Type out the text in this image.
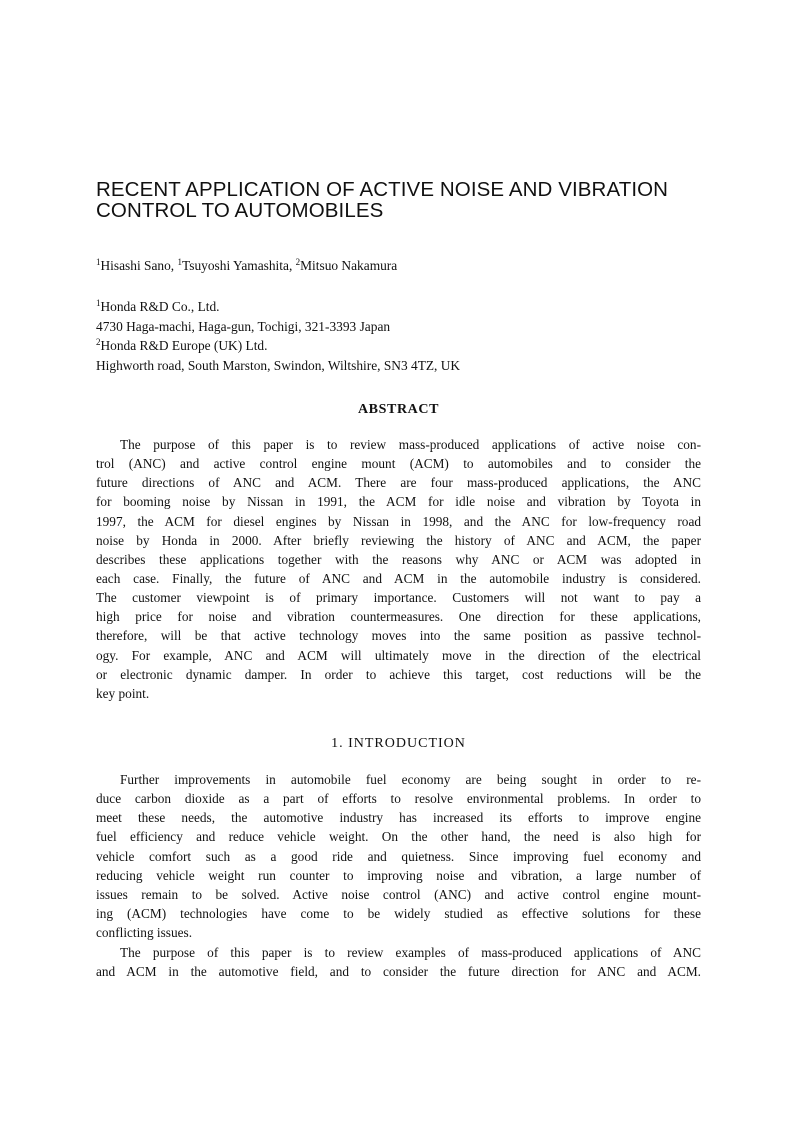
RECENT APPLICATION OF ACTIVE NOISE AND VIBRATION
CONTROL TO AUTOMOBILES
$^1$Hisashi Sano, $^1$Tsuyoshi Yamashita, $^2$Mitsuo Nakamura
$^1$Honda R&D Co., Ltd.
4730 Haga-machi, Haga-gun, Tochigi, 321-3393 Japan
$^2$Honda R&D Europe (UK) Ltd.
Highworth road, South Marston, Swindon, Wiltshire, SN3 4TZ, UK
ABSTRACT
The purpose of this paper is to review mass-produced applications of active noise con-
trol (ANC) and active control engine mount (ACM) to automobiles and to consider the
future directions of ANC and ACM. There are four mass-produced applications, the ANC
for booming noise by Nissan in 1991, the ACM for idle noise and vibration by Toyota in
1997, the ACM for diesel engines by Nissan in 1998, and the ANC for low-frequency road
noise by Honda in 2000. After briefly reviewing the history of ANC and ACM, the paper
describes these applications together with the reasons why ANC or ACM was adopted in
each case. Finally, the future of ANC and ACM in the automobile industry is considered.
The customer viewpoint is of primary importance. Customers will not want to pay a
high price for noise and vibration countermeasures. One direction for these applications,
therefore, will be that active technology moves into the same position as passive technol-
ogy. For example, ANC and ACM will ultimately move in the direction of the electrical
or electronic dynamic damper. In order to achieve this target, cost reductions will be the
key point.
1. INTRODUCTION
Further improvements in automobile fuel economy are being sought in order to re-
duce carbon dioxide as a part of efforts to resolve environmental problems. In order to
meet these needs, the automotive industry has increased its efforts to improve engine
fuel efficiency and reduce vehicle weight. On the other hand, the need is also high for
vehicle comfort such as a good ride and quietness. Since improving fuel economy and
reducing vehicle weight run counter to improving noise and vibration, a large number of
issues remain to be solved. Active noise control (ANC) and active control engine mount-
ing (ACM) technologies have come to be widely studied as effective solutions for these
conflicting issues.
The purpose of this paper is to review examples of mass-produced applications of ANC
and ACM in the automotive field, and to consider the future direction for ANC and ACM.
